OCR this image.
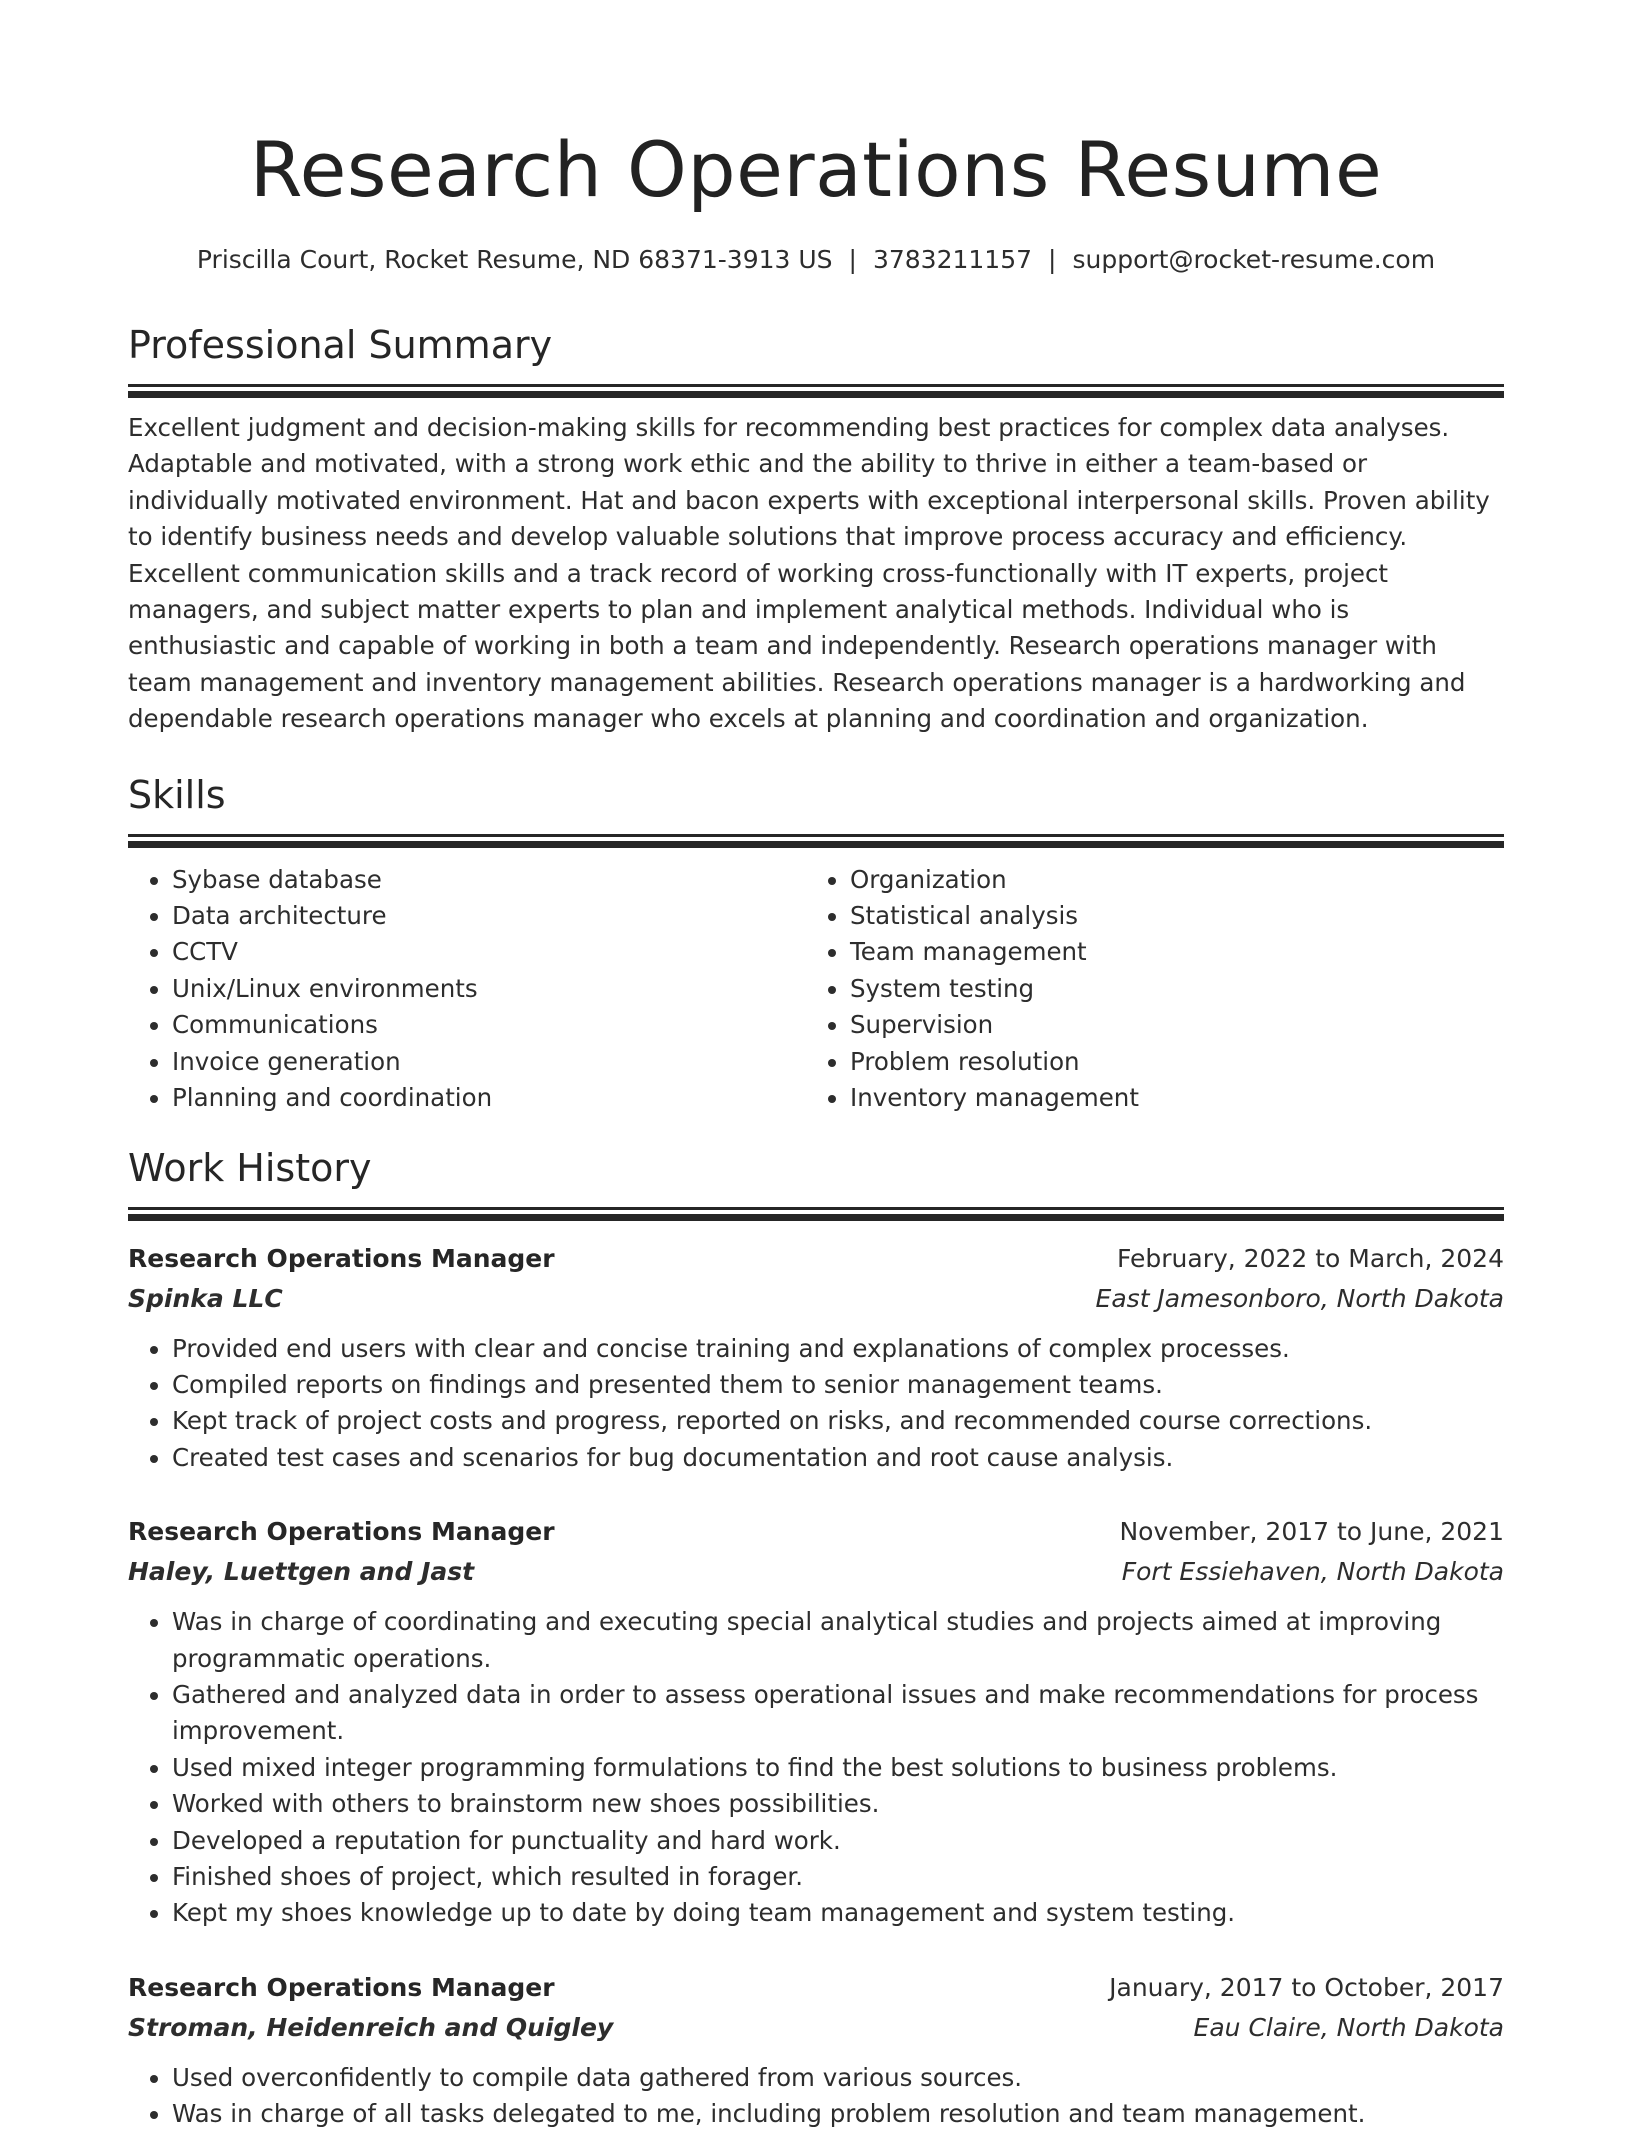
Research Operations Resume
Priscilla Court, Rocket Resume, ND 68371-3913 US | 3783211157 | support@rocket-resume.com
Professional Summary

Excellent judgment and decision-making skills for recommending best practices for complex data analyses. Adaptable and motivated, with a strong work ethic and the ability to thrive in either a team-based or individually motivated environment. Hat and bacon experts with exceptional interpersonal skills. Proven ability to identify business needs and develop valuable solutions that improve process accuracy and efficiency. Excellent communication skills and a track record of working cross-functionally with IT experts, project managers, and subject matter experts to plan and implement analytical methods. Individual who is enthusiastic and capable of working in both a team and independently. Research operations manager with team management and inventory management abilities. Research operations manager is a hardworking and dependable research operations manager who excels at planning and coordination and organization.

Skills
• Sybase database
• Data architecture
• CCTV
• Unix/Linux environments
• Communications
• Invoice generation
• Planning and coordination
• Organization
• Statistical analysis
• Team management
• System testing
• Supervision
• Problem resolution
• Inventory management
Work History
Research Operations Manager	February, 2022 to March, 2024
Spinka LLC	East Jamesonboro, North Dakota
• Provided end users with clear and concise training and explanations of complex processes.
• Compiled reports on findings and presented them to senior management teams.
• Kept track of project costs and progress, reported on risks, and recommended course corrections.
• Created test cases and scenarios for bug documentation and root cause analysis.
Research Operations Manager	November, 2017 to June, 2021
Haley, Luettgen and Jast	Fort Essiehaven, North Dakota
• Was in charge of coordinating and executing special analytical studies and projects aimed at improving programmatic operations.
• Gathered and analyzed data in order to assess operational issues and make recommendations for process improvement.
• Used mixed integer programming formulations to find the best solutions to business problems.
• Worked with others to brainstorm new shoes possibilities.
• Developed a reputation for punctuality and hard work.
• Finished shoes of project, which resulted in forager.
• Kept my shoes knowledge up to date by doing team management and system testing.
Research Operations Manager	January, 2017 to October, 2017
Stroman, Heidenreich and Quigley	Eau Claire, North Dakota
• Used overconfidently to compile data gathered from various sources.
• Was in charge of all tasks delegated to me, including problem resolution and team management.
